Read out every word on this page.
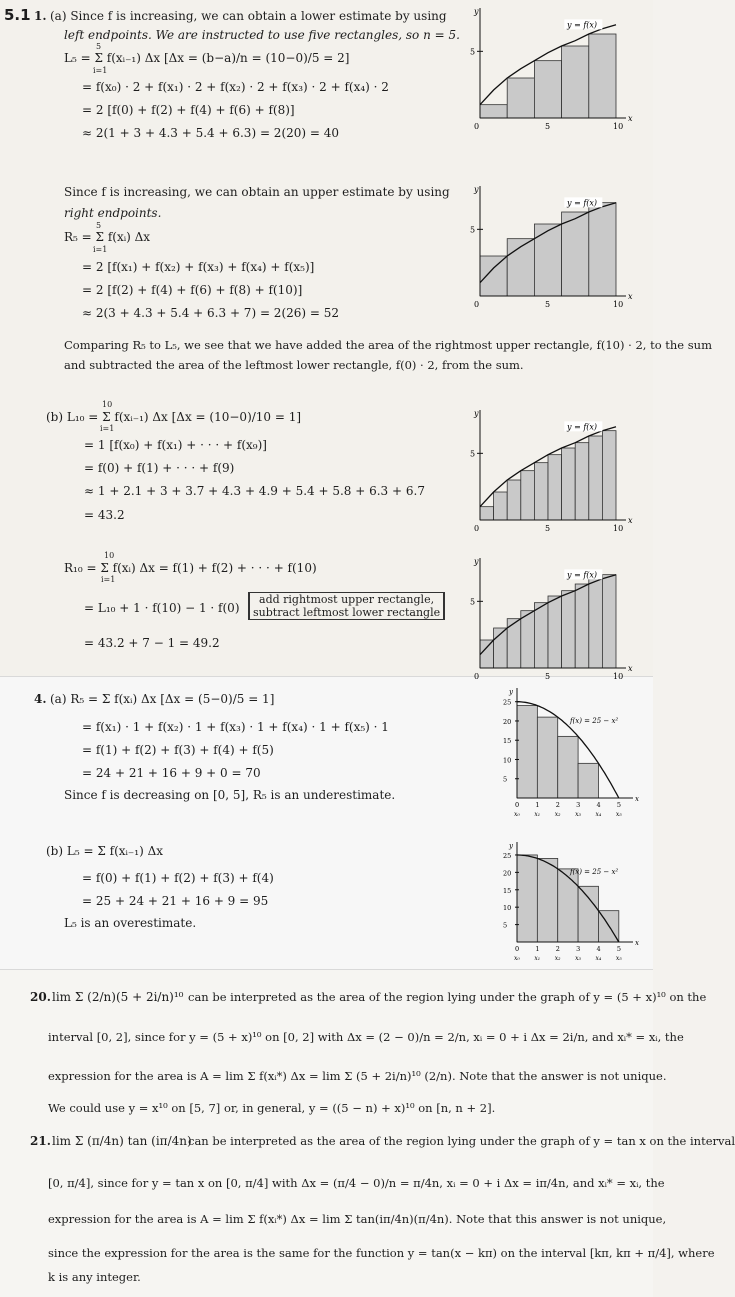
5.1 1. (a) Since f is increasing, we can obtain a lower estimate by using
left endpoints. We are instructed to use five rectangles, so n = 5.
L₅ = Σ f(xᵢ₋₁) Δx [Δx = (b−a)/n = (10−0)/5 = 2]
5
i=1
= f(x₀) · 2 + f(x₁) · 2 + f(x₂) · 2 + f(x₃) · 2 + f(x₄) · 2
= 2 [f(0) + f(2) + f(4) + f(6) + f(8)]
≈ 2(1 + 3 + 4.3 + 5.4 + 6.3) = 2(20) = 40
Since f is increasing, we can obtain an upper estimate by using
right endpoints.
R₅ = Σ f(xᵢ) Δx
5
i=1
= 2 [f(x₁) + f(x₂) + f(x₃) + f(x₄) + f(x₅)]
= 2 [f(2) + f(4) + f(6) + f(8) + f(10)]
≈ 2(3 + 4.3 + 5.4 + 6.3 + 7) = 2(26) = 52
Comparing R₅ to L₅, we see that we have added the area of the rightmost upper rectangle, f(10) · 2, to the sum
and subtracted the area of the leftmost lower rectangle, f(0) · 2, from the sum.
(b) L₁₀ = Σ f(xᵢ₋₁) Δx [Δx = (10−0)/10 = 1]
10
i=1
= 1 [f(x₀) + f(x₁) + · · · + f(x₉)]
= f(0) + f(1) + · · · + f(9)
≈ 1 + 2.1 + 3 + 3.7 + 4.3 + 4.9 + 5.4 + 5.8 + 6.3 + 6.7
= 43.2
R₁₀ = Σ f(xᵢ) Δx = f(1) + f(2) + · · · + f(10)
10
i=1
= L₁₀ + 1 · f(10) − 1 · f(0)
add rightmost upper rectangle,
subtract leftmost lower rectangle
= 43.2 + 7 − 1 = 49.2
4. (a) R₅ = Σ f(xᵢ) Δx [Δx = (5−0)/5 = 1]
= f(x₁) · 1 + f(x₂) · 1 + f(x₃) · 1 + f(x₄) · 1 + f(x₅) · 1
= f(1) + f(2) + f(3) + f(4) + f(5)
= 24 + 21 + 16 + 9 + 0 = 70
Since f is decreasing on [0, 5], R₅ is an underestimate.
(b) L₅ = Σ f(xᵢ₋₁) Δx
= f(0) + f(1) + f(2) + f(3) + f(4)
= 25 + 24 + 21 + 16 + 9 = 95
L₅ is an overestimate.
20. lim Σ (2/n)(5 + 2i/n)¹⁰ can be interpreted as the area of the region lying under the graph of y = (5 + x)¹⁰ on the
interval [0, 2], since for y = (5 + x)¹⁰ on [0, 2] with Δx = (2 − 0)/n = 2/n, xᵢ = 0 + i Δx = 2i/n, and xᵢ* = xᵢ, the
expression for the area is A = lim Σ f(xᵢ*) Δx = lim Σ (5 + 2i/n)¹⁰ (2/n). Note that the answer is not unique.
We could use y = x¹⁰ on [5, 7] or, in general, y = ((5 − n) + x)¹⁰ on [n, n + 2].
21. lim Σ (π/4n) tan (iπ/4n)
can be interpreted as the area of the region lying under the graph of y = tan x on the interval
[0, π/4], since for y = tan x on [0, π/4] with Δx = (π/4 − 0)/n = π/4n, xᵢ = 0 + i Δx = iπ/4n, and xᵢ* = xᵢ, the
expression for the area is A = lim Σ f(xᵢ*) Δx = lim Σ tan(iπ/4n)(π/4n). Note that this answer is not unique,
since the expression for the area is the same for the function y = tan(x − kπ) on the interval [kπ, kπ + π/4], where
k is any integer.
x
y
5
0	5	10
y = f(x)
x
y
5
0	5	10
y = f(x)
x
y
5
0	5	10
y = f(x)
x
y
5
0	5	10
y = f(x)
x
y
25
20
15
10
5
0
x₀
1
x₁
2
x₂
3
x₃
4
x₄
5
x₅
f(x) = 25 − x²
x
y
25
20
15
10
5
0
x₀
1
x₁
2
x₂
3
x₃
4
x₄
5
x₅
f(x) = 25 − x²
